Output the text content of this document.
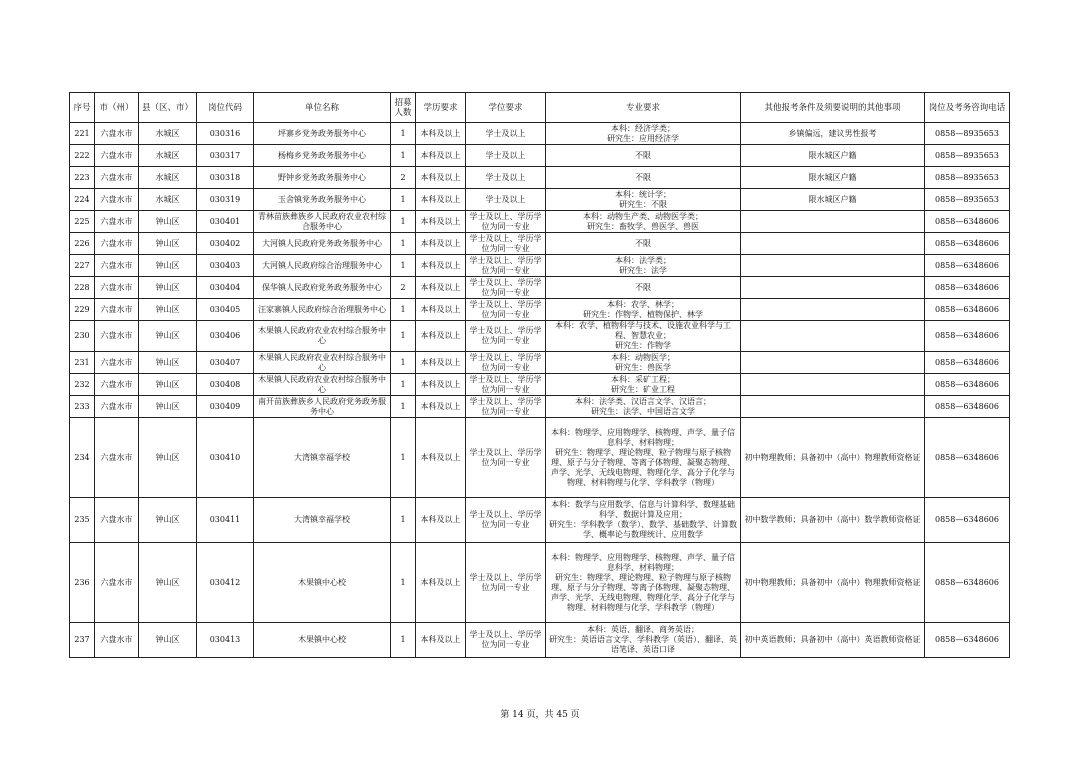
序号	市（州）	县（区、市）	岗位代码	单位名称	招募人数	学历要求	学位要求	专业要求	其他报考条件及须要说明的其他事项	岗位及考务咨询电话
221	六盘水市	水城区	030316	坪寨乡党务政务服务中心	1	本科及以上	学士及以上	本科：经济学类；
研究生：应用经济学	乡镇偏远，建议男性报考	0858—8935653
222	六盘水市	水城区	030317	杨梅乡党务政务服务中心	1	本科及以上	学士及以上	不限	限水城区户籍	0858—8935653
223	六盘水市	水城区	030318	野钟乡党务政务服务中心	2	本科及以上	学士及以上	不限	限水城区户籍	0858—8935653
224	六盘水市	水城区	030319	玉舍镇党务政务服务中心	1	本科及以上	学士及以上	本科：统计学；
研究生：不限	限水城区户籍	0858—8935653
225	六盘水市	钟山区	030401	青林苗族彝族乡人民政府农业农村综合服务中心	1	本科及以上	学士及以上、学历学位为同一专业	本科：动物生产类、动物医学类；
研究生：畜牧学、兽医学、兽医		0858—6348606
226	六盘水市	钟山区	030402	大河镇人民政府党务政务服务中心	1	本科及以上	学士及以上、学历学位为同一专业	不限		0858—6348606
227	六盘水市	钟山区	030403	大河镇人民政府综合治理服务中心	1	本科及以上	学士及以上、学历学位为同一专业	本科：法学类；
研究生：法学		0858—6348606
228	六盘水市	钟山区	030404	保华镇人民政府党务政务服务中心	2	本科及以上	学士及以上、学历学位为同一专业	不限		0858—6348606
229	六盘水市	钟山区	030405	汪家寨镇人民政府综合治理服务中心	1	本科及以上	学士及以上、学历学位为同一专业	本科：农学、林学；
研究生：作物学、植物保护、林学		0858—6348606
230	六盘水市	钟山区	030406	木果镇人民政府农业农村综合服务中心	1	本科及以上	学士及以上、学历学位为同一专业	本科：农学、植物科学与技术、设施农业科学与工程、智慧农业；
研究生：作物学		0858—6348606
231	六盘水市	钟山区	030407	木果镇人民政府农业农村综合服务中心	1	本科及以上	学士及以上、学历学位为同一专业	本科：动物医学；
研究生：兽医学		0858—6348606
232	六盘水市	钟山区	030408	木果镇人民政府农业农村综合服务中心	1	本科及以上	学士及以上、学历学位为同一专业	本科：采矿工程；
研究生：矿业工程		0858—6348606
233	六盘水市	钟山区	030409	南开苗族彝族乡人民政府党务政务服务中心	1	本科及以上	学士及以上、学历学位为同一专业	本科：法学类、汉语言文学、汉语言；
研究生：法学、中国语言文学		0858—6348606
234	六盘水市	钟山区	030410	大湾镇幸福学校	1	本科及以上	学士及以上、学历学位为同一专业	本科：物理学、应用物理学、核物理、声学、量子信息科学、材料物理；
研究生：物理学、理论物理、粒子物理与原子核物理、原子与分子物理、等离子体物理、凝聚态物理、声学、光学、无线电物理、物理化学、高分子化学与物理、材料物理与化学、学科教学（物理）	初中物理教师；具备初中（高中）物理教师资格证	0858—6348606
235	六盘水市	钟山区	030411	大湾镇幸福学校	1	本科及以上	学士及以上、学历学位为同一专业	本科：数学与应用数学、信息与计算科学、数理基础科学、数据计算及应用；
研究生：学科教学（数学）、数学、基础数学、计算数学、概率论与数理统计、应用数学	初中数学教师；具备初中（高中）数学教师资格证	0858—6348606
236	六盘水市	钟山区	030412	木果镇中心校	1	本科及以上	学士及以上、学历学位为同一专业	本科：物理学、应用物理学、核物理、声学、量子信息科学、材料物理；
研究生：物理学、理论物理、粒子物理与原子核物理、原子与分子物理、等离子体物理、凝聚态物理、声学、光学、无线电物理、物理化学、高分子化学与物理、材料物理与化学、学科教学（物理）	初中物理教师；具备初中（高中）物理教师资格证	0858—6348606
237	六盘水市	钟山区	030413	木果镇中心校	1	本科及以上	学士及以上、学历学位为同一专业	本科：英语、翻译、商务英语；
研究生：英语语言文学、学科教学（英语）、翻译、英语笔译、英语口译	初中英语教师；具备初中（高中）英语教师资格证	0858—6348606
第 14 页，共 45 页
